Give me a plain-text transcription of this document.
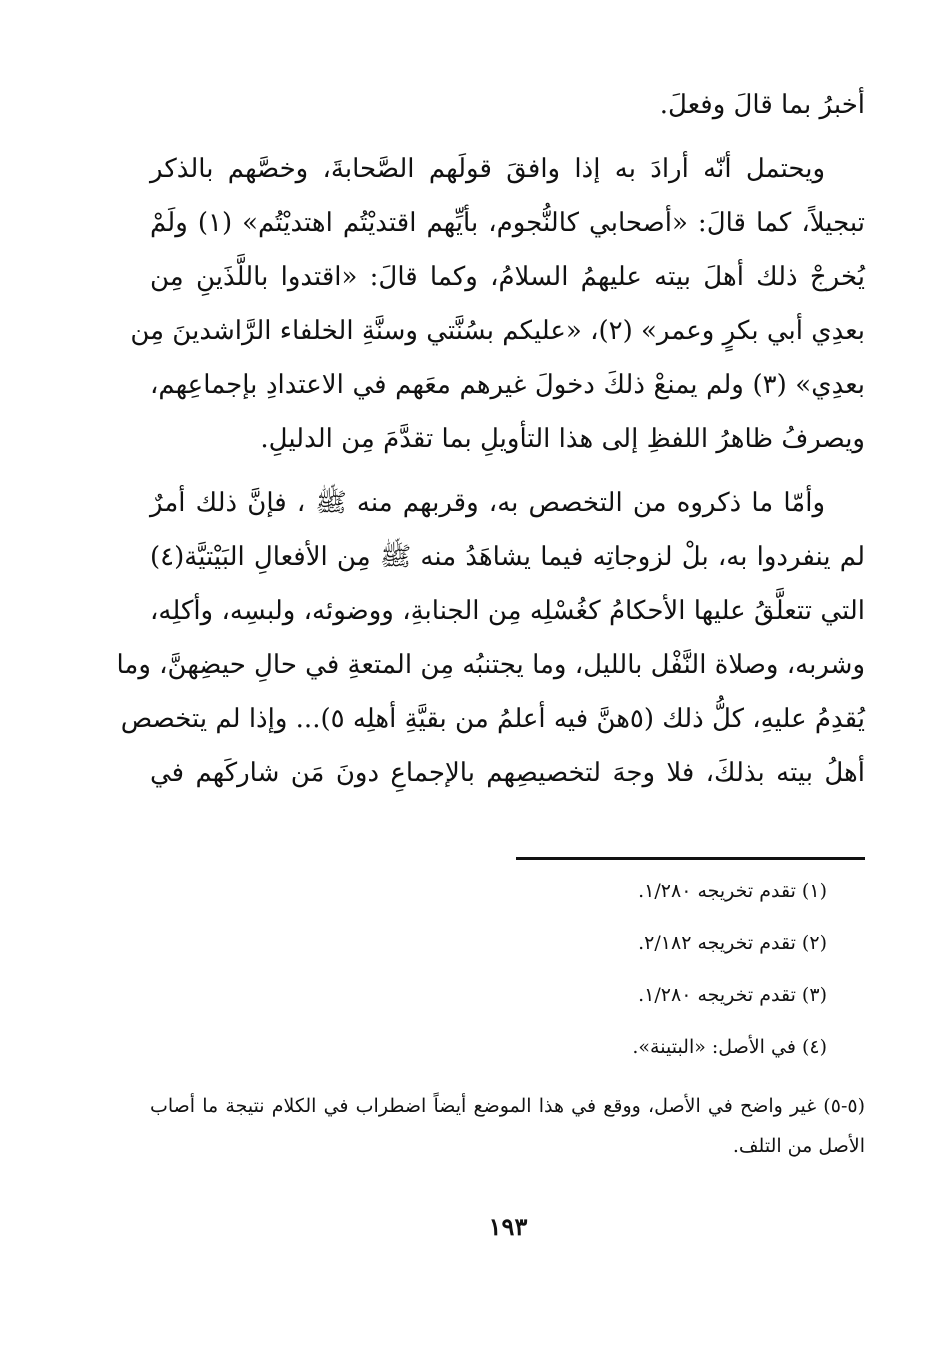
أخبرُ بما قالَ وفعلَ.
ويحتمل أنّه أرادَ به إذا وافقَ قولَهم الصَّحابةَ، وخصَّهم بالذكر
تبجيلاً، كما قالَ: «أصحابي كالنُّجوم، بأيِّهم اقتديْتُم اهتديْتُم» (١) ولَمْ
يُخرجْ ذلك أهلَ بيته عليهمُ السلامُ، وكما قالَ: «اقتدوا باللَّذَينِ مِن
بعدِي أبي بكرٍ وعمر» (٢)، «عليكم بسُنَّتي وسنَّةِ الخلفاء الرَّاشدينَ مِن
بعدِي» (٣) ولم يمنعْ ذلكَ دخولَ غيرهم معَهم في الاعتدادِ بإجماعِهم،
ويصرفُ ظاهرُ اللفظِ إلى هذا التأويلِ بما تقدَّمَ مِن الدليلِ.
وأمّا ما ذكروه من التخصص به، وقربهم منه ﷺ ، فإنَّ ذلك أمرٌ
لم ينفردوا به، بلْ لزوجاتِه فيما يشاهَدُ منه ﷺ مِن الأفعالِ البَيْتيَّة(٤)
التي تتعلَّقُ عليها الأحكامُ كغُسْلِه مِن الجنابةِ، ووضوئه، ولبسِه، وأكلِه،
وشربه، وصلاة النَّفْل بالليل، وما يجتنبُه مِن المتعةِ في حالِ حيضِهنَّ، وما
يُقدِمُ عليهِ، كلُّ ذلك (٥هنَّ فيه أعلمُ من بقيَّةِ أهلِه ٥)... وإذا لم يتخصص
أهلُ بيته بذلكَ، فلا وجهَ لتخصيصِهم بالإجماعِ دونَ مَن شاركَهم في
(١) تقدم تخريجه ١/٢٨٠.
(٢) تقدم تخريجه ٢/١٨٢.
(٣) تقدم تخريجه ١/٢٨٠.
(٤) في الأصل: «البتينة».
(٥-٥) غير واضح في الأصل، ووقع في هذا الموضع أيضاً اضطراب في الكلام نتيجة ما أصاب الأصل من التلف.
١٩٣
